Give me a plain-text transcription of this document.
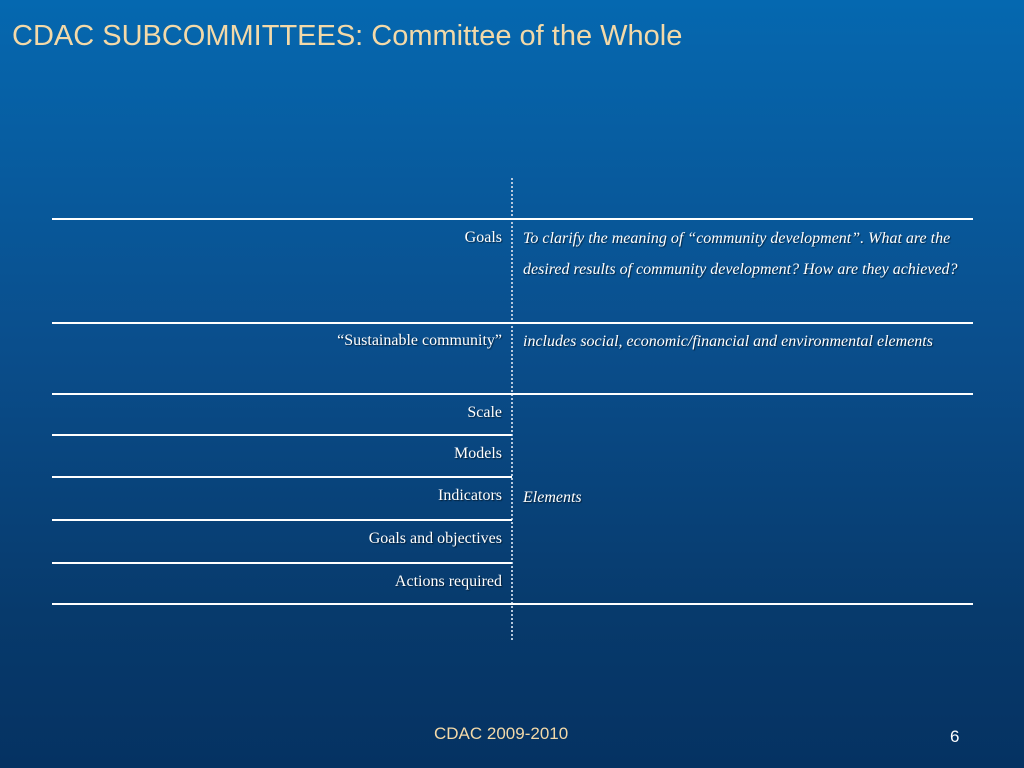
CDAC SUBCOMMITTEES: Committee of the Whole
Goals To clarify the meaning of “community development”. What are the desired results of community development? How are they achieved?
“Sustainable community” includes social, economic/financial and environmental elements
Scale
Models
Indicators
Goals and objectives
Actions required
Elements
CDAC 2009-2010	6
